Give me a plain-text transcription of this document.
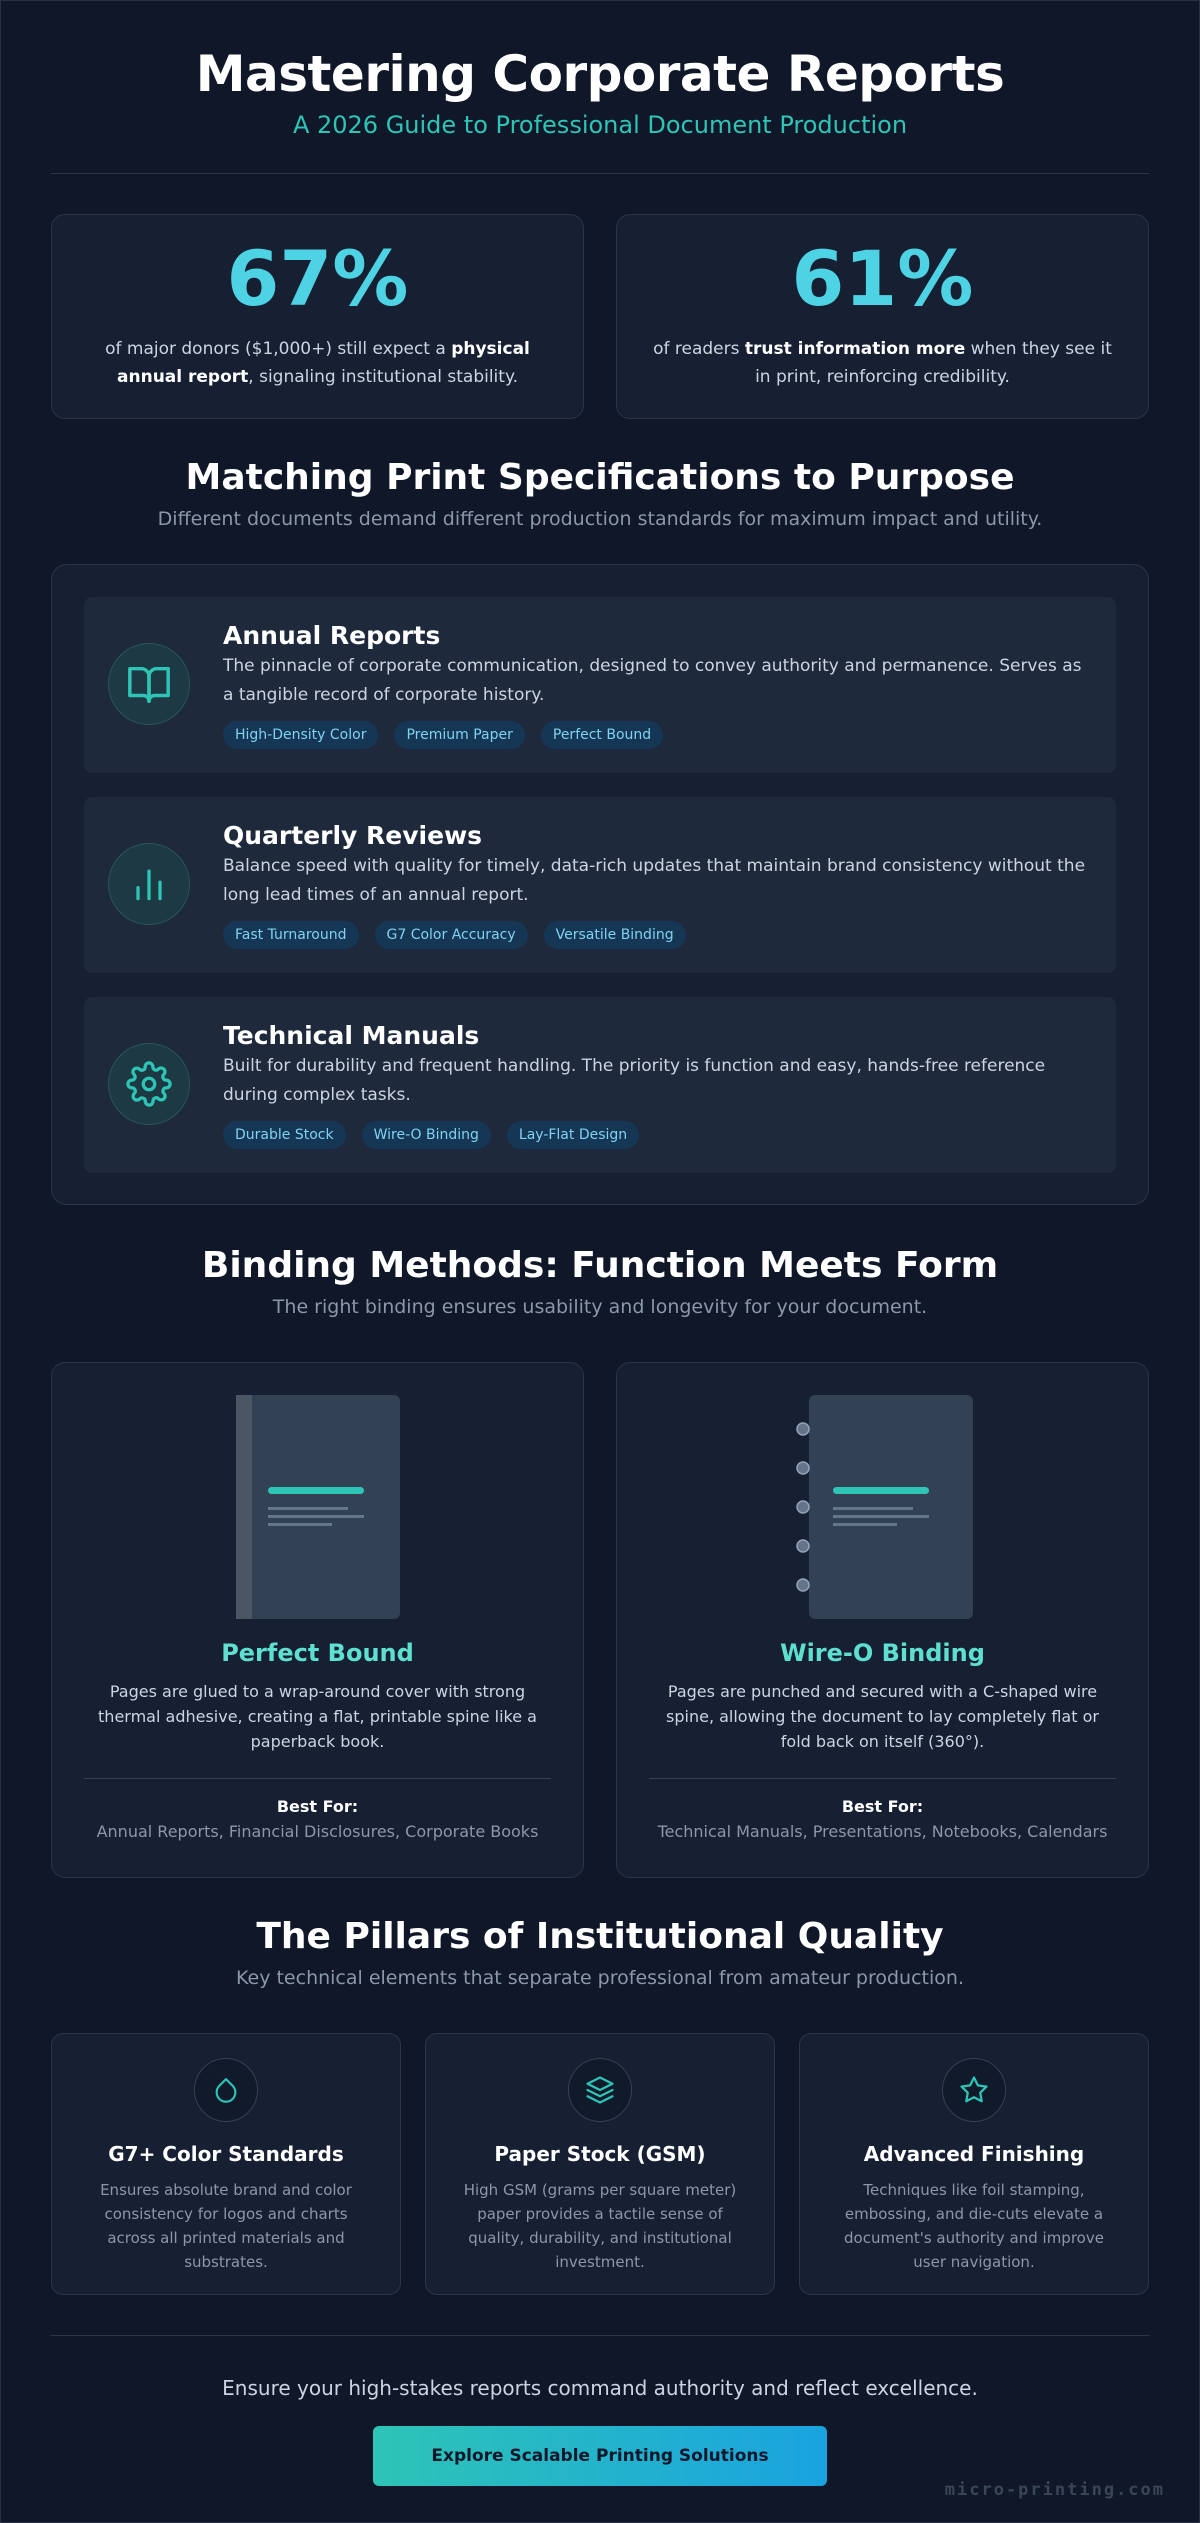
Mastering Corporate Reports
A 2026 Guide to Professional Document Production
67%

of major donors ($1,000+) still expect a physical annual report, signaling institutional stability.

61%

of readers trust information more when they see it in print, reinforcing credibility.

Matching Print Specifications to Purpose
Different documents demand different production standards for maximum impact and utility.
Annual Reports

The pinnacle of corporate communication, designed to convey authority and permanence. Serves as a tangible record of corporate history.

High-Density Color	Premium Paper	Perfect Bound
Quarterly Reviews

Balance speed with quality for timely, data-rich updates that maintain brand consistency without the long lead times of an annual report.

Fast Turnaround	G7 Color Accuracy	Versatile Binding
Technical Manuals

Built for durability and frequent handling. The priority is function and easy, hands-free reference during complex tasks.

Durable Stock	Wire-O Binding	Lay-Flat Design
Binding Methods: Function Meets Form
The right binding ensures usability and longevity for your document.
Perfect Bound

Pages are glued to a wrap-around cover with strong thermal adhesive, creating a flat, printable spine like a paperback book.

Best For:
Annual Reports, Financial Disclosures, Corporate Books
Wire-O Binding

Pages are punched and secured with a C-shaped wire spine, allowing the document to lay completely flat or fold back on itself (360°).

Best For:
Technical Manuals, Presentations, Notebooks, Calendars
The Pillars of Institutional Quality
Key technical elements that separate professional from amateur production.
G7+ Color Standards

Ensures absolute brand and color consistency for logos and charts across all printed materials and substrates.

Paper Stock (GSM)

High GSM (grams per square meter) paper provides a tactile sense of quality, durability, and institutional investment.

Advanced Finishing

Techniques like foil stamping, embossing, and die-cuts elevate a document's authority and improve user navigation.

Ensure your high-stakes reports command authority and reflect excellence.

Explore Scalable Printing Solutions
micro-printing.com
